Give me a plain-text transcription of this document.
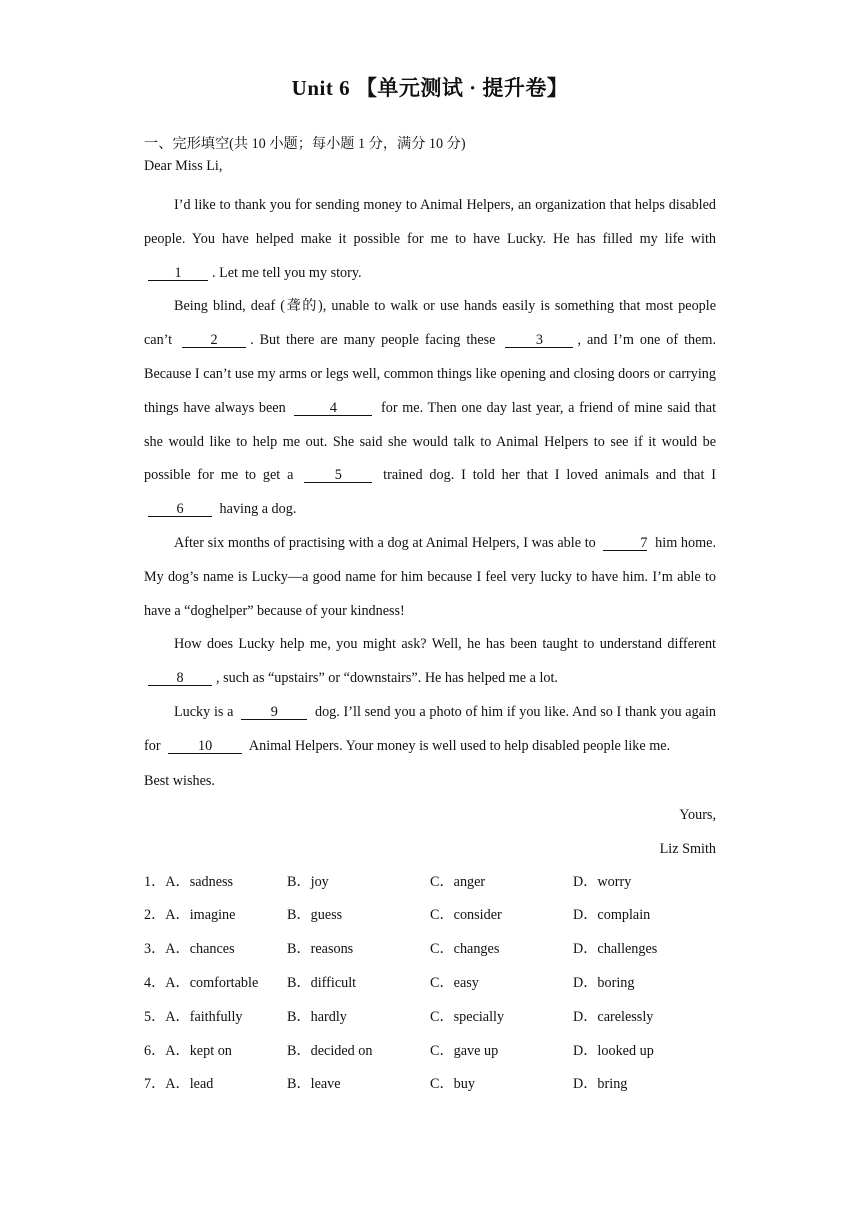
Unit 6 【单元测试 · 提升卷】
一、完形填空(共 10 小题；每小题 1 分，满分 10 分)
Dear Miss Li,
I’d like to thank you for sending money to Animal Helpers, an organization that helps disabled people. You have helped make it possible for me to have Lucky. He has filled my life with 1 . Let me tell you my story.
Being blind, deaf (聋的), unable to walk or use hands easily is something that most people can’t	2 . But there are many people facing these	3 , and I’m one of them. Because I can’t use my arms or legs well, common things like opening and closing doors or carrying things have always been	4	for me. Then one day last year, a friend of mine said that she would like to help me out. She said she would talk to Animal Helpers to see if it would be possible for me to get a	5	trained dog. I told her that I loved animals and that I 6	having a dog.
After six months of practising with a dog at Animal Helpers, I was able to	7 him home. My dog’s name is Lucky—a good name for him because I feel very lucky to have him. I’m able to have a “doghelper” because of your kindness!
How does Lucky help me, you might ask? Well, he has been taught to understand different 8 , such as “upstairs” or “downstairs”. He has helped me a lot.
Lucky is a	9	dog. I’ll send you a photo of him if you like. And so I thank you again for	10	Animal Helpers. Your money is well used to help disabled people like me.
Best wishes.
Yours,
Liz Smith
1．A．sadness	B．joy	C．anger	D．worry
2．A．imagine	B．guess	C．consider	D．complain
3．A．chances	B．reasons	C．changes	D．challenges
4．A．comfortable	B．difficult	C．easy	D．boring
5．A．faithfully	B．hardly	C．specially	D．carelessly
6．A．kept on	B．decided on	C．gave up	D．looked up
7．A．lead	B．leave	C．buy	D．bring
